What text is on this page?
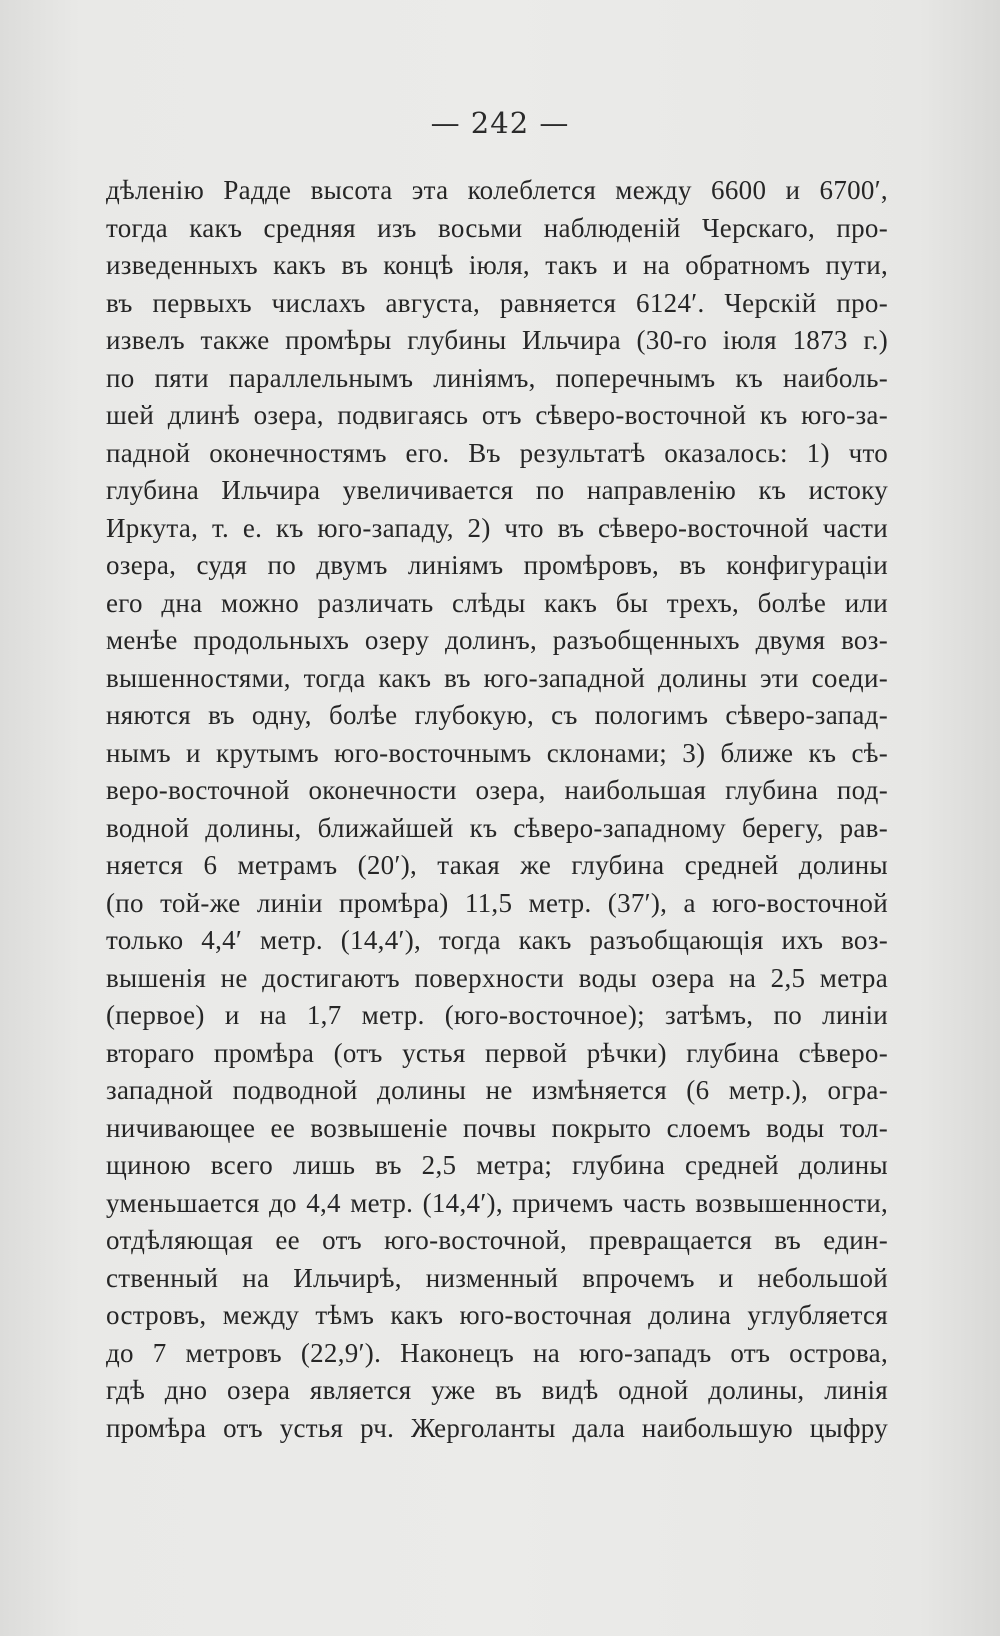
— 242 —
дѣленію Радде высота эта колеблется между 6600 и 6700′,
тогда какъ средняя изъ восьми наблюденій Черскаго, про-
изведенныхъ какъ въ концѣ іюля, такъ и на обратномъ пути,
въ первыхъ числахъ августа, равняется 6124′. Черскій про-
извелъ также промѣры глубины Ильчира (30-го іюля 1873 г.)
по пяти параллельнымъ линіямъ, поперечнымъ къ наиболь-
шей длинѣ озера, подвигаясь отъ сѣверо-восточной къ юго-за-
падной оконечностямъ его. Въ результатѣ оказалось: 1) что
глубина Ильчира увеличивается по направленію къ истоку
Иркута, т. е. къ юго-западу, 2) что въ сѣверо-восточной части
озера, судя по двумъ линіямъ промѣровъ, въ конфигураціи
его дна можно различать слѣды какъ бы трехъ, болѣе или
менѣе продольныхъ озеру долинъ, разъобщенныхъ двумя воз-
вышенностями, тогда какъ въ юго-западной долины эти соеди-
няются въ одну, болѣе глубокую, съ пологимъ сѣверо-запад-
нымъ и крутымъ юго-восточнымъ склонами; 3) ближе къ сѣ-
веро-восточной оконечности озера, наибольшая глубина под-
водной долины, ближайшей къ сѣверо-западному берегу, рав-
няется 6 метрамъ (20′), такая же глубина средней долины
(по той-же линіи промѣра) 11,5 метр. (37′), а юго-восточной
только 4,4′ метр. (14,4′), тогда какъ разъобщающія ихъ воз-
вышенія не достигаютъ поверхности воды озера на 2,5 метра
(первое) и на 1,7 метр. (юго-восточное); затѣмъ, по линіи
втораго промѣра (отъ устья первой рѣчки) глубина сѣверо-
западной подводной долины не измѣняется (6 метр.), огра-
ничивающее ее возвышеніе почвы покрыто слоемъ воды тол-
щиною всего лишь въ 2,5 метра; глубина средней долины
уменьшается до 4,4 метр. (14,4′), причемъ часть возвышенности,
отдѣляющая ее отъ юго-восточной, превращается въ един-
ственный на Ильчирѣ, низменный впрочемъ и небольшой
островъ, между тѣмъ какъ юго-восточная долина углубляется
до 7 метровъ (22,9′). Наконецъ на юго-западъ отъ острова,
гдѣ дно озера является уже въ видѣ одной долины, линія
промѣра отъ устья рч. Жерголанты дала наибольшую цыфру
